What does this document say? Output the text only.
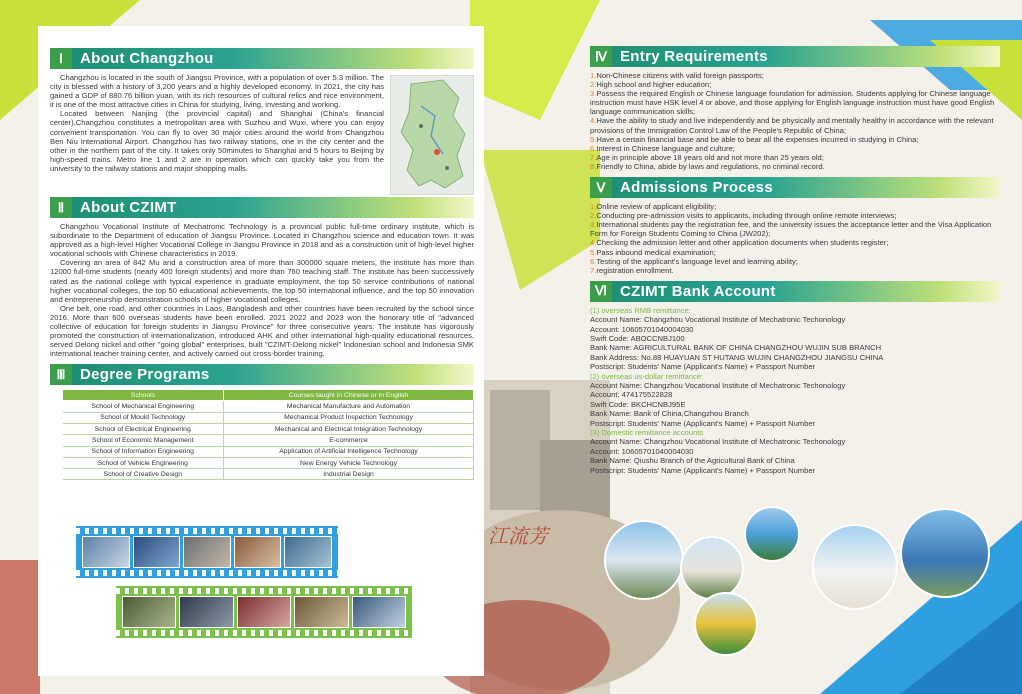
江流芳
Ⅰ	About Changzhou

Changzhou is located in the south of Jiangsu Province, with a population of over 5.3 million. The city is blessed with a history of 3,200 years and a highly developed economy. In 2021, the city has gained a GDP of 880.76 billion yuan, with its rich resources of cultural relics and nice environment, it is one of the most attractive cities in China for studying, living, investing and working.

Located between Nanjing (the provincial capital) and Shanghai (China's financial center),Changzhou constitutes a metropolitan area with Suzhou and Wuxi, where you can enjoy convenient transportation. You can fly to over 30 major cities around the world from Changzhou Ben Niu International Airport. Changzhou has two railway stations, one in the city center and the other in the northern part of the city. It takes only 50minutes to Shanghai and 5 hours to Beijing by high-speed trains. Metro line 1 and 2 are in operation which can quickly take you from the university to the railway stations and major shopping malls.

Ⅱ	About CZIMT

Changzhou Vocational Institute of Mechatronic Technology is a provincial public full-time ordinary institute, which is subordinate to the Department of education of Jiangsu Province. Located in Changzhou science and education town. It was approved as a high-level Higher Vocational College in Jiangsu Province in 2018 and as a construction unit of high-level higher vocational schools with Chinese characteristics in 2019.

Covering an area of 842 Mu and a construction area of more than 300000 square meters, the institute has more than 12000 full-time students (nearly 400 foreign students) and more than 760 teaching staff. The institute has been successively rated as the national college with typical experience in graduate employment, the top 50 service contributions of national higher vocational colleges, the top 50 educational achievements, the top 50 international influence, and the top 50 innovation and entrepreneurship demonstration schools of higher vocational colleges.

One belt, one road, and other countries in Laos, Bangladesh and other countries have been recruited by the school since 2016. More than 600 overseas students have been enrolled. 2021 2022 and 2023 won the honorary title of "advanced collective of education for foreign students in Jiangsu Province" for three consecutive years. The institute has vigorously promoted the construction of internationalization, introduced AHK and other international high-quality educational resources, served Delong nickel and other "going global" enterprises, built "CZIMT-Delong nickel" Indonesian school and Indonesia SMK international teacher training center, and actively carried out cross-border training.

Ⅲ Degree Programs
Schools	Courses taught in Chinese or in English
School of Mechanical Engineering	Mechanical Manufacture and Automation
School of Mould Technology	Mechanical Product Inspection Technology
School of Electrical Engineering	Mechanical and Electrical Integration Technology
School of Economic Management	E-commerce
School of Information Engineering	Application of Artificial Intelligence Technology
School of Vehicle Engineering	New Energy Vehicle Technology
School of Creative Design	Industrial Design
Ⅳ Entry Requirements
1.Non-Chinese citizens with valid foreign passports;
2.High school and higher education;
3.Possess the required English or Chinese language foundation for admission. Students applying for Chinese language instruction must have HSK level 4 or above, and those applying for English language instruction must have good English language communication skills;
4.Have the ability to study and live independently and be physically and mentally healthy in accordance with the relevant provisions of the Immigration Control Law of the People's Republic of China;
5.Have a certain financial base and be able to bear all the expenses incurred in studying in China;
6.Interest in Chinese language and culture;
7.Age in principle above 18 years old and not more than 25 years old;
8.Friendly to China, abide by laws and regulations, no criminal record.
Ⅴ Admissions Process
1.Online review of applicant eligibility;
2.Conducting pre-admission visits to applicants, including through online remote interviews;
3.International students pay the registration fee, and the university issues the acceptance letter and the Visa Application Form for Foreign Students Coming to China (JW202);
4.Checking the admission letter and other application documents when students register;
5.Pass inbound medical examination;
6.Testing of the applicant's language level and learning ability;
7.registration enrollment.
Ⅵ CZIMT Bank Account
(1) overseas RMB remittance:
Account Name: Changzhou Vocational Institute of Mechatronic Techonology
Account: 10605701040004030
Swift Code: ABOCCNBJ100
Bank Name: AGRICULTURAL BANK OF CHINA CHANGZHOU WUJIN SUB BRANCH
Bank Address: No.88 HUAYUAN ST HUTANG WUJIN CHANGZHOU JIANGSU CHINA
Postscript: Students' Name (Applicant's Name) + Passport Number
(2) overseas us-dollar remittance:
Account Name: Changzhou Vocational Institute of Mechatronic Techonology
Account: 474175522828
Swift Code: BKCHCNBJ95E
Bank Name: Bank of China,Changzhou Branch
Postscript: Students' Name (Applicant's Name) + Passport Number
(3) Domestic remittance accounts
Account Name: Changzhou Vocational Institute of Mechatronic Techonology
Account: 10605701040004030
Bank Name: Qiushu Branch of the Agricultural Bank of China
Postscript: Students' Name (Applicant's Name) + Passport Number
